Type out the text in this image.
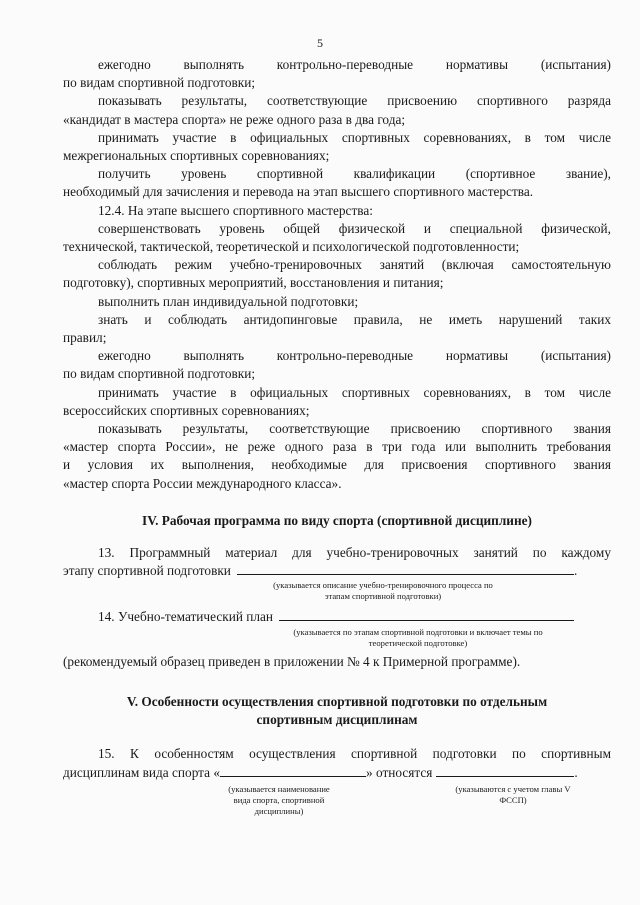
5

ежегодно выполнять контрольно-переводные нормативы (испытания)

по видам спортивной подготовки;

показывать результаты, соответствующие присвоению спортивного разряда

«кандидат в мастера спорта» не реже одного раза в два года;

принимать участие в официальных спортивных соревнованиях, в том числе

межрегиональных спортивных соревнованиях;

получить уровень спортивной квалификации (спортивное звание),

необходимый для зачисления и перевода на этап высшего спортивного мастерства.

12.4. На этапе высшего спортивного мастерства:

совершенствовать уровень общей физической и специальной физической,

технической, тактической, теоретической и психологической подготовленности;

соблюдать режим учебно-тренировочных занятий (включая самостоятельную

подготовку), спортивных мероприятий, восстановления и питания;

выполнить план индивидуальной подготовки;

знать и соблюдать антидопинговые правила, не иметь нарушений таких

правил;

ежегодно выполнять контрольно-переводные нормативы (испытания)

по видам спортивной подготовки;

принимать участие в официальных спортивных соревнованиях, в том числе

всероссийских спортивных соревнованиях;

показывать результаты, соответствующие присвоению спортивного звания

«мастер спорта России», не реже одного раза в три года или выполнить требования

и условия их выполнения, необходимые для присвоения спортивного звания

«мастер спорта России международного класса».

IV. Рабочая программа по виду спорта (спортивной дисциплине)

13. Программный материал для учебно-тренировочных занятий по каждому

этапу спортивной подготовки	.
(указывается описание учебно-тренировочного процесса по этапам спортивной подготовки)
14. Учебно-тематический план
(указывается по этапам спортивной подготовки и включает темы по теоретической подготовке)

(рекомендуемый образец приведен в приложении № 4 к Примерной программе).

V. Особенности осуществления спортивной подготовки по отдельным
спортивным дисциплинам

15. К особенностям осуществления спортивной подготовки по спортивным

дисциплинам вида спорта «	» относятся	.
(указывается наименование вида спорта, спортивной дисциплины)
(указываются с учетом главы V ФССП)
